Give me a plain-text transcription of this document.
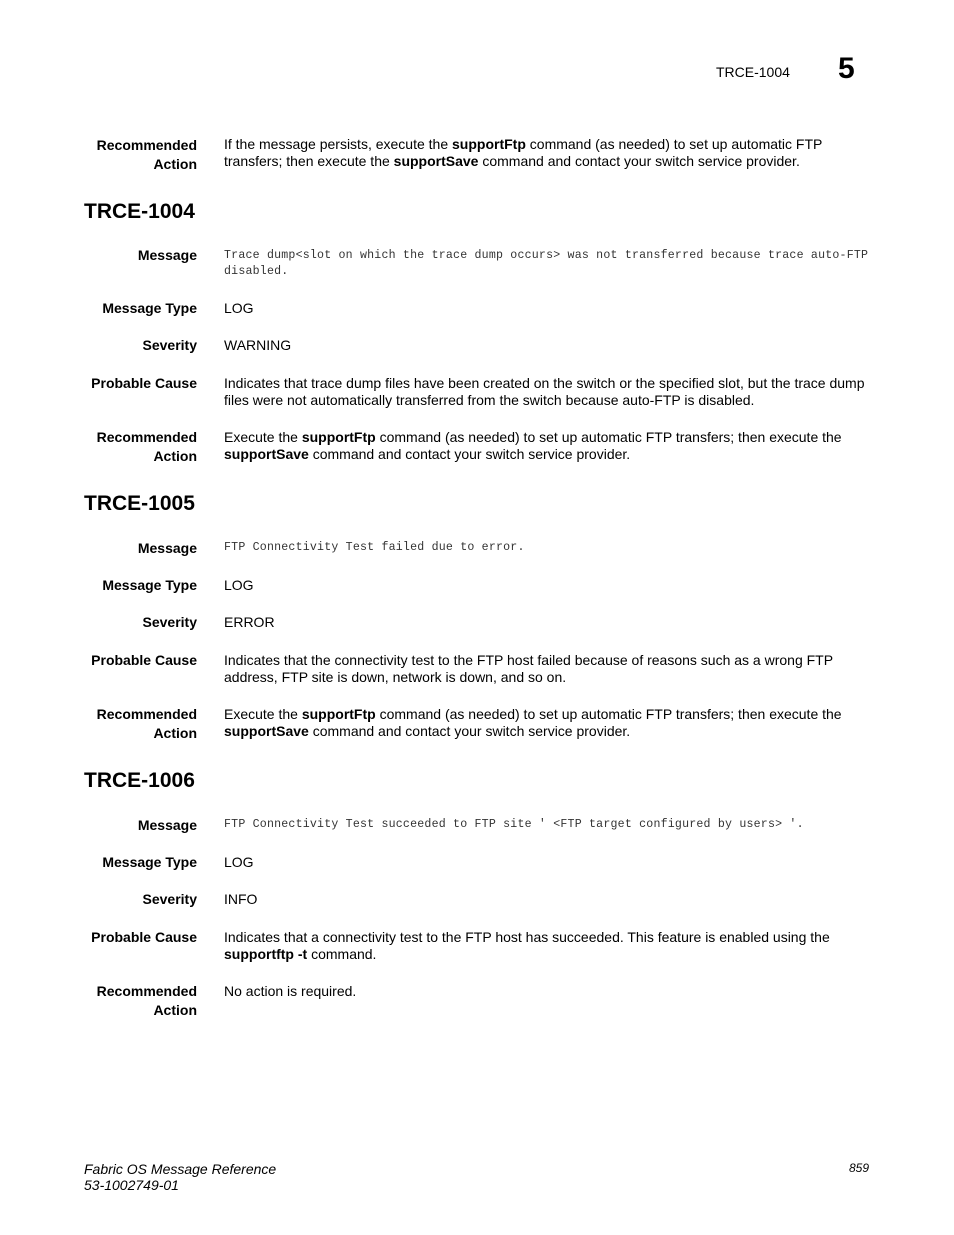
TRCE-1004 5
Recommended
Action
If the message persists, execute the supportFtp command (as needed) to set up automatic FTP transfers; then execute the supportSave command and contact your switch service provider.
TRCE-1004
Message Trace dump<slot on which the trace dump occurs> was not transferred because trace auto-FTP disabled.
Message Type LOG
Severity WARNING
Probable Cause Indicates that trace dump files have been created on the switch or the specified slot, but the trace dump files were not automatically transferred from the switch because auto-FTP is disabled.
Recommended
Action
Execute the supportFtp command (as needed) to set up automatic FTP transfers; then execute the supportSave command and contact your switch service provider.
TRCE-1005
Message FTP Connectivity Test failed due to error.
Message Type LOG
Severity ERROR
Probable Cause Indicates that the connectivity test to the FTP host failed because of reasons such as a wrong FTP address, FTP site is down, network is down, and so on.
Recommended
Action
Execute the supportFtp command (as needed) to set up automatic FTP transfers; then execute the supportSave command and contact your switch service provider.
TRCE-1006
Message FTP Connectivity Test succeeded to FTP site ' <FTP target configured by users> '.
Message Type LOG
Severity INFO
Probable Cause Indicates that a connectivity test to the FTP host has succeeded. This feature is enabled using the supportftp -t command.
Recommended
Action
No action is required.
Fabric OS Message Reference
53-1002749-01
859
